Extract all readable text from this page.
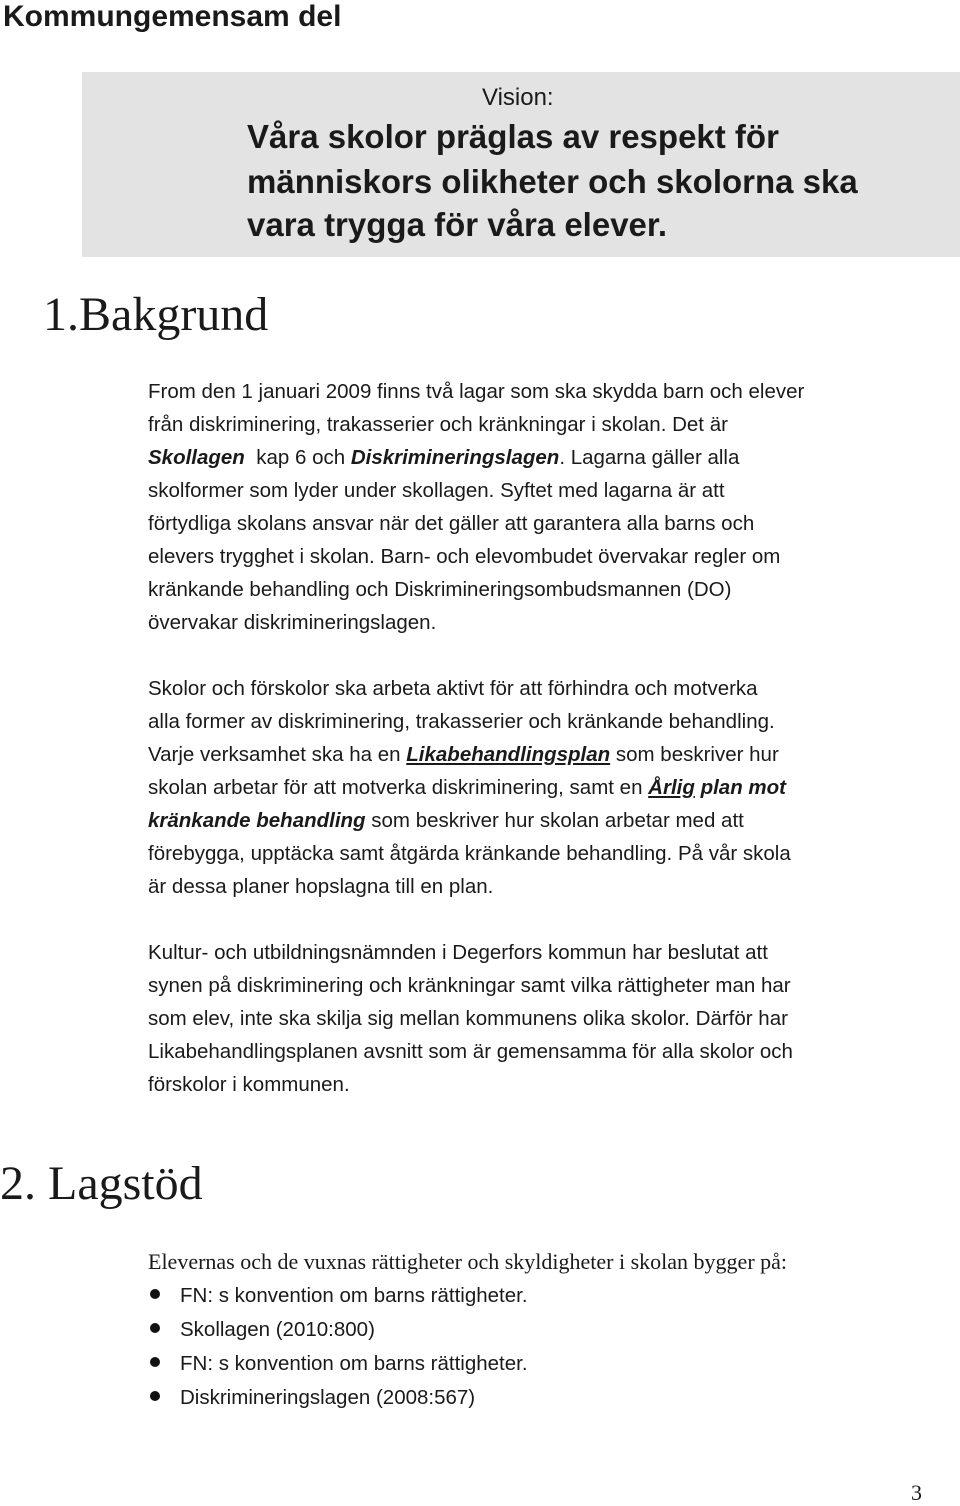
Kommungemensam del
Vision:
Våra skolor präglas av respekt för
människors olikheter och skolorna ska
vara trygga för våra elever.
1.Bakgrund
From den 1 januari 2009 finns två lagar som ska skydda barn och elever
från diskriminering, trakasserier och kränkningar i skolan. Det är
Skollagen  kap 6 och Diskrimineringslagen. Lagarna gäller alla
skolformer som lyder under skollagen. Syftet med lagarna är att
förtydliga skolans ansvar när det gäller att garantera alla barns och
elevers trygghet i skolan. Barn- och elevombudet övervakar regler om
kränkande behandling och Diskrimineringsombudsmannen (DO)
övervakar diskrimineringslagen.
Skolor och förskolor ska arbeta aktivt för att förhindra och motverka
alla former av diskriminering, trakasserier och kränkande behandling.
Varje verksamhet ska ha en Likabehandlingsplan som beskriver hur
skolan arbetar för att motverka diskriminering, samt en Årlig plan mot
kränkande behandling som beskriver hur skolan arbetar med att
förebygga, upptäcka samt åtgärda kränkande behandling. På vår skola
är dessa planer hopslagna till en plan.
Kultur- och utbildningsnämnden i Degerfors kommun har beslutat att
synen på diskriminering och kränkningar samt vilka rättigheter man har
som elev, inte ska skilja sig mellan kommunens olika skolor. Därför har
Likabehandlingsplanen avsnitt som är gemensamma för alla skolor och
förskolor i kommunen.
2. Lagstöd
Elevernas och de vuxnas rättigheter och skyldigheter i skolan bygger på:
FN: s konvention om barns rättigheter.
Skollagen (2010:800)
FN: s konvention om barns rättigheter.
Diskrimineringslagen (2008:567)
3
